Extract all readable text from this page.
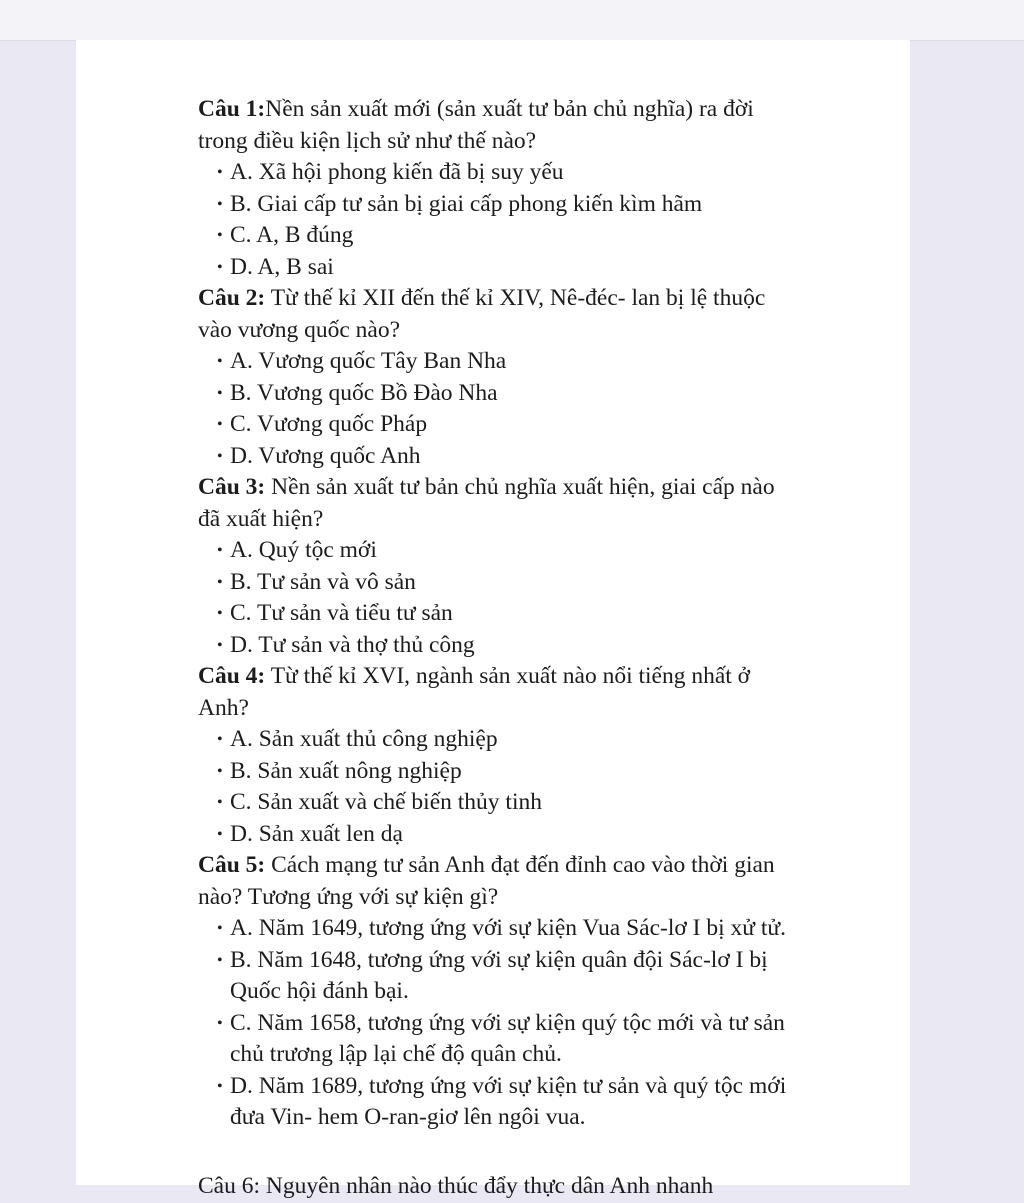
Câu 1:Nền sản xuất mới (sản xuất tư bản chủ nghĩa) ra đời trong điều kiện lịch sử như thế nào?

• A. Xã hội phong kiến đã bị suy yếu
• B. Giai cấp tư sản bị giai cấp phong kiến kìm hãm
• C. A, B đúng
• D. A, B sai

Câu 2: Từ thế kỉ XII đến thế kỉ XIV, Nê-đéc- lan bị lệ thuộc vào vương quốc nào?

• A. Vương quốc Tây Ban Nha
• B. Vương quốc Bồ Đào Nha
• C. Vương quốc Pháp
• D. Vương quốc Anh

Câu 3: Nền sản xuất tư bản chủ nghĩa xuất hiện, giai cấp nào đã xuất hiện?

• A. Quý tộc mới
• B. Tư sản và vô sản
• C. Tư sản và tiểu tư sản
• D. Tư sản và thợ thủ công

Câu 4: Từ thế kỉ XVI, ngành sản xuất nào nổi tiếng nhất ở Anh?

• A. Sản xuất thủ công nghiệp
• B. Sản xuất nông nghiệp
• C. Sản xuất và chế biến thủy tinh
• D. Sản xuất len dạ

Câu 5: Cách mạng tư sản Anh đạt đến đỉnh cao vào thời gian nào? Tương ứng với sự kiện gì?

• A. Năm 1649, tương ứng với sự kiện Vua Sác-lơ I bị xử tử.
• B. Năm 1648, tương ứng với sự kiện quân đội Sác-lơ I bị Quốc hội đánh bại.
• C. Năm 1658, tương ứng với sự kiện quý tộc mới và tư sản chủ trương lập lại chế độ quân chủ.
• D. Năm 1689, tương ứng với sự kiện tư sản và quý tộc mới đưa Vin- hem O-ran-giơ lên ngôi vua.
Câu 6: Nguyên nhân nào thúc đẩy thực dân Anh nhanh
